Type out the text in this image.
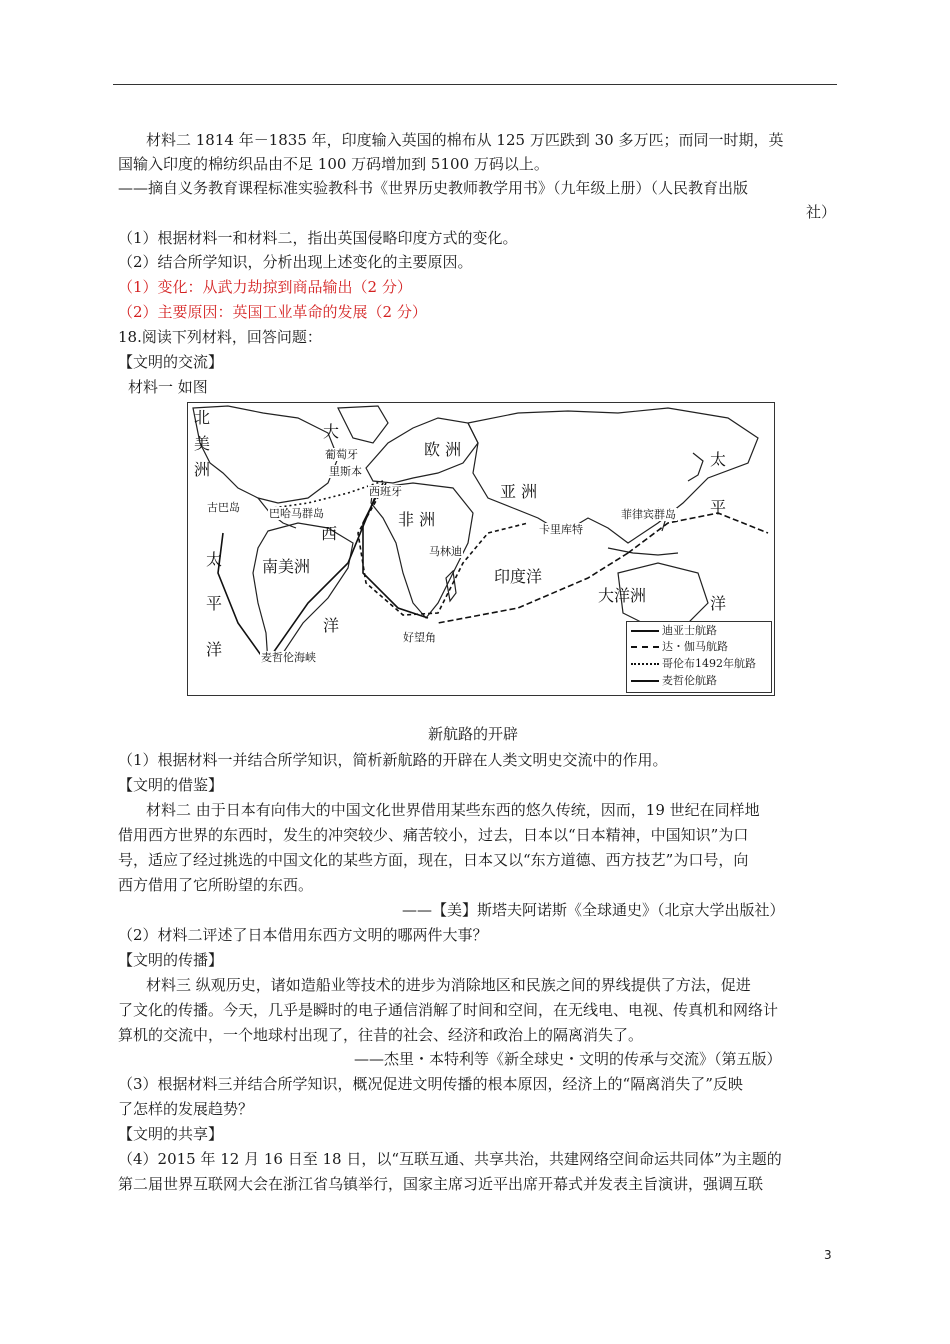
材料二 1814 年－1835 年，印度输入英国的棉布从 125 万匹跌到 30 多万匹；而同一时期，英
国输入印度的棉纺织品由不足 100 万码增加到 5100 万码以上。
——摘自义务教育课程标准实验教科书《世界历史教师教学用书》（九年级上册）（人民教育出版
社）
（1）根据材料一和材料二，指出英国侵略印度方式的变化。
（2）结合所学知识，分析出现上述变化的主要原因。
（1）变化：从武力劫掠到商品输出（2 分）
（2）主要原因：英国工业革命的发展（2 分）
18.阅读下列材料，回答问题：
【文明的交流】
材料一 如图
北
美
洲
大
西
洋
欧 洲
亚 洲
非 洲
太
平
洋
太
平
洋
南美洲
印度洋
大洋洲
葡萄牙
里斯本
西班牙
古巴岛	巴哈马群岛
卡里库特
马林迪
菲律宾群岛
好望角
麦哲伦海峡
迪亚士航路
达・伽马航路
哥伦布1492年航路
麦哲伦航路
新航路的开辟
（1）根据材料一并结合所学知识，简析新航路的开辟在人类文明史交流中的作用。
【文明的借鉴】
材料二 由于日本有向伟大的中国文化世界借用某些东西的悠久传统，因而，19 世纪在同样地
借用西方世界的东西时，发生的冲突较少、痛苦较小，过去，日本以“日本精神，中国知识”为口
号，适应了经过挑选的中国文化的某些方面，现在，日本又以“东方道德、西方技艺”为口号，向
西方借用了它所盼望的东西。
——【美】斯塔夫阿诺斯《全球通史》（北京大学出版社）
（2）材料二评述了日本借用东西方文明的哪两件大事？
【文明的传播】
材料三 纵观历史，诸如造船业等技术的进步为消除地区和民族之间的界线提供了方法，促进
了文化的传播。今天，几乎是瞬时的电子通信消解了时间和空间，在无线电、电视、传真机和网络计
算机的交流中，一个地球村出现了，往昔的社会、经济和政治上的隔离消失了。
——杰里・本特利等《新全球史・文明的传承与交流》（第五版）
（3）根据材料三并结合所学知识，概况促进文明传播的根本原因，经济上的“隔离消失了”反映
了怎样的发展趋势？
【文明的共享】
（4）2015 年 12 月 16 日至 18 日，以“互联互通、共享共治，共建网络空间命运共同体”为主题的
第二届世界互联网大会在浙江省乌镇举行，国家主席习近平出席开幕式并发表主旨演讲，强调互联
3
